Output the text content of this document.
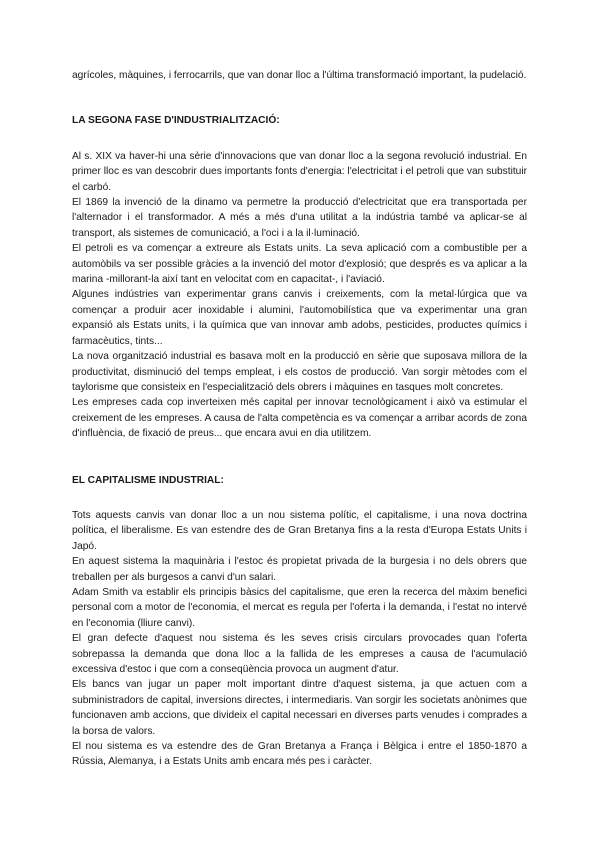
agrícoles, màquines, i ferrocarrils, que van donar lloc a l'última transformació important, la pudelació.

LA SEGONA FASE D'INDUSTRIALITZACIÓ:

Al s. XIX va haver-hi una sèrie d'innovacions que van donar lloc a la segona revolució industrial. En primer lloc es van descobrir dues importants fonts d'energia: l'electricitat i el petroli que van substituir el carbó.

El 1869 la invenció de la dinamo va permetre la producció d'electricitat que era transportada per l'alternador i el transformador. A més a més d'una utilitat a la indústria també va aplicar-se al transport, als sistemes de comunicació, a l'oci i a la il·luminació.

El petroli es va començar a extreure als Estats units. La seva aplicació com a combustible per a automòbils va ser possible gràcies a la invenció del motor d'explosió; que després es va aplicar a la marina -millorant-la així tant en velocitat com en capacitat-, i l'aviació.

Algunes indústries van experimentar grans canvis i creixements, com la metal·lúrgica que va començar a produir acer inoxidable i alumini, l'automobilística que va experimentar una gran expansió als Estats units, i la química que van innovar amb adobs, pesticides, productes químics i farmacèutics, tints...

La nova organització industrial es basava molt en la producció en sèrie que suposava millora de la productivitat, disminució del temps empleat, i els costos de producció. Van sorgir mètodes com el taylorisme que consisteix en l'especialització dels obrers i màquines en tasques molt concretes.

Les empreses cada cop inverteixen més capital per innovar tecnològicament i això va estimular el creixement de les empreses. A causa de l'alta competència es va començar a arribar acords de zona d'influència, de fixació de preus... que encara avui en dia utilitzem.

EL CAPITALISME INDUSTRIAL:

Tots aquests canvis van donar lloc a un nou sistema polític, el capitalisme, i una nova doctrina política, el liberalisme. Es van estendre des de Gran Bretanya fins a la resta d'Europa Estats Units i Japó.

En aquest sistema la maquinària i l'estoc és propietat privada de la burgesia i no dels obrers que treballen per als burgesos a canvi d'un salari.

Adam Smith va establir els principis bàsics del capitalisme, que eren la recerca del màxim benefici personal com a motor de l'economia, el mercat es regula per l'oferta i la demanda, i l'estat no intervé en l'economia (lliure canvi).

El gran defecte d'aquest nou sistema és les seves crisis circulars provocades quan l'oferta sobrepassa la demanda que dona lloc a la fallida de les empreses a causa de l'acumulació excessiva d'estoc i que com a conseqüència provoca un augment d'atur.

Els bancs van jugar un paper molt important dintre d'aquest sistema, ja que actuen com a subministradors de capital, inversions directes, i intermediaris. Van sorgir les societats anònimes que funcionaven amb accions, que divideix el capital necessari en diverses parts venudes i comprades a la borsa de valors.

El nou sistema es va estendre des de Gran Bretanya a França i Bèlgica i entre el 1850-1870 a Rússia, Alemanya, i a Estats Units amb encara més pes i caràcter.
